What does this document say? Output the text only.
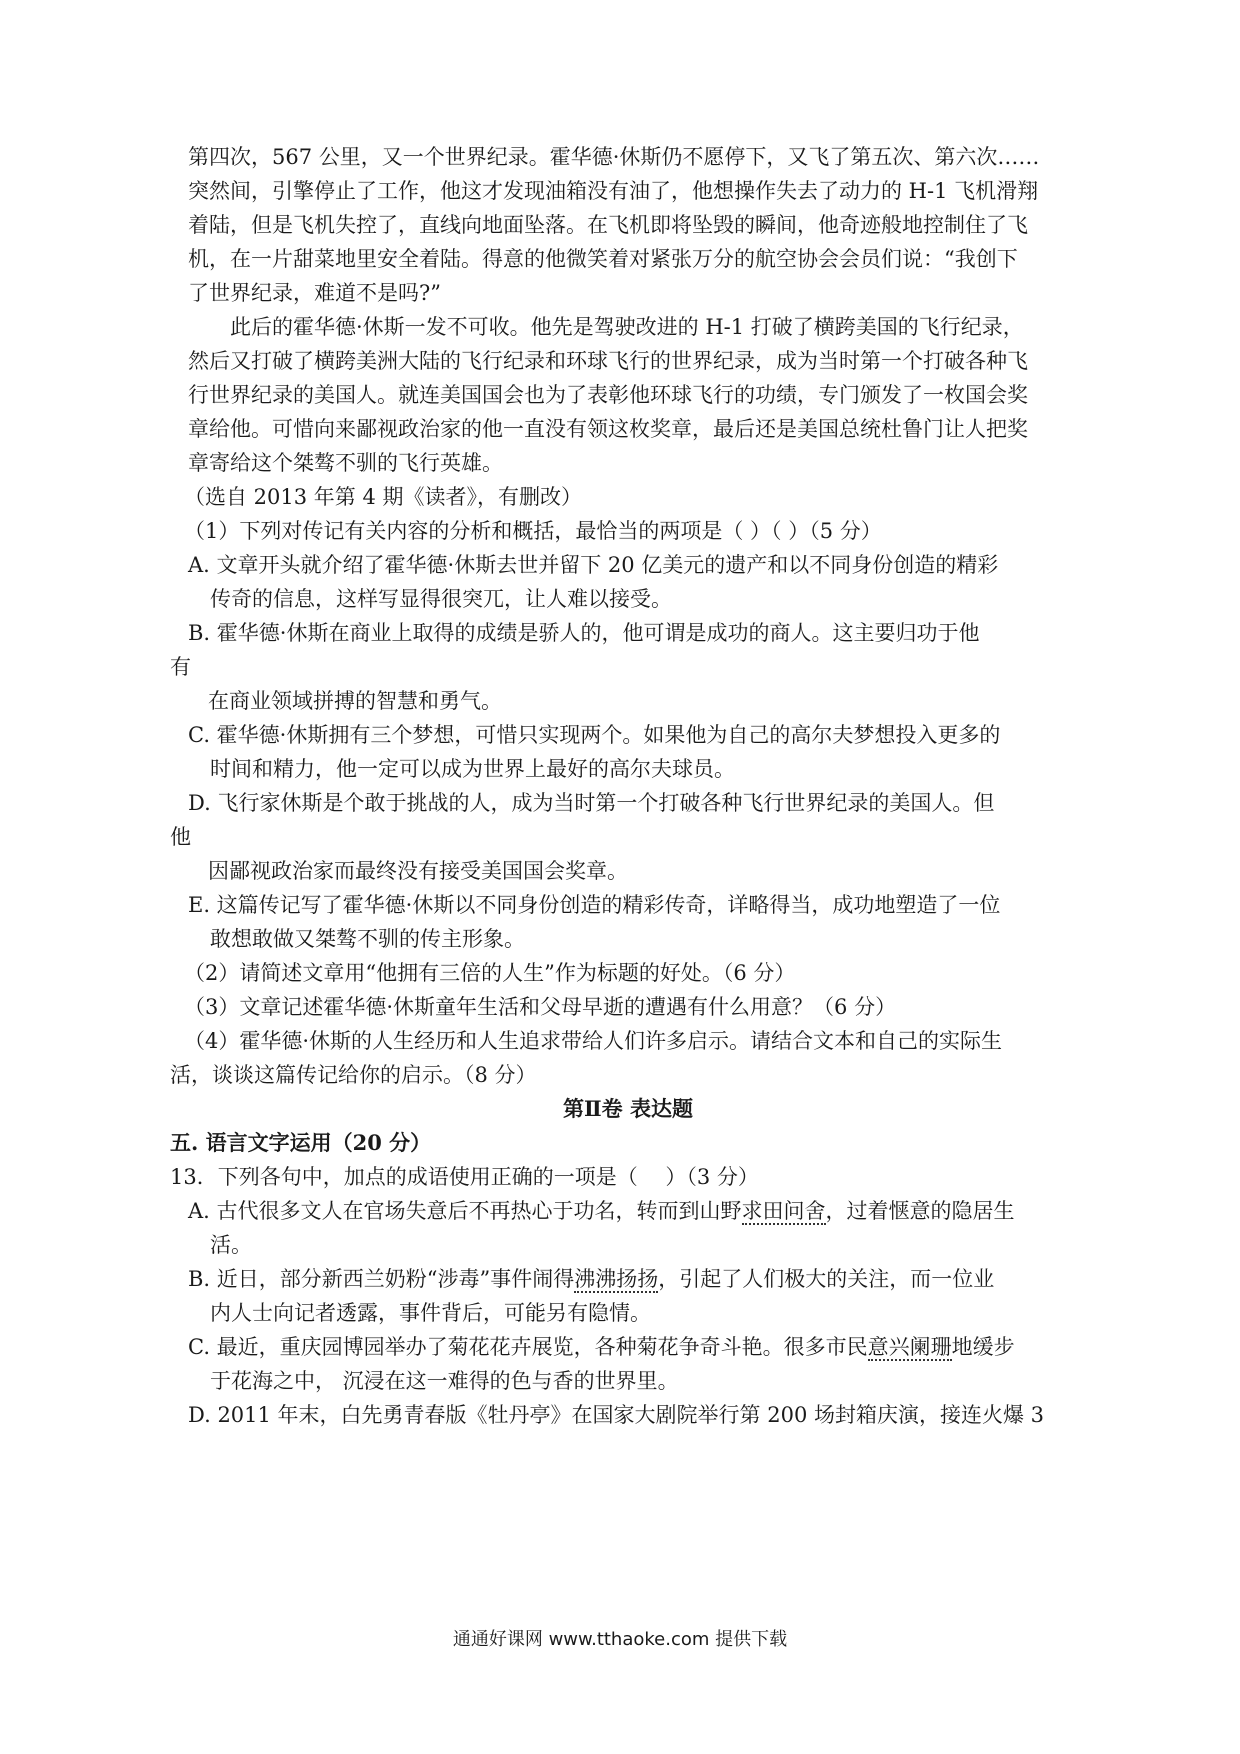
第四次，567 公里，又一个世界纪录。霍华德·休斯仍不愿停下，又飞了第五次、第六次……
突然间，引擎停止了工作，他这才发现油箱没有油了，他想操作失去了动力的 H-1 飞机滑翔
着陆，但是飞机失控了，直线向地面坠落。在飞机即将坠毁的瞬间，他奇迹般地控制住了飞
机，在一片甜菜地里安全着陆。得意的他微笑着对紧张万分的航空协会会员们说：“我创下
了世界纪录，难道不是吗?”
　　此后的霍华德·休斯一发不可收。他先是驾驶改进的 H-1 打破了横跨美国的飞行纪录，
然后又打破了横跨美洲大陆的飞行纪录和环球飞行的世界纪录，成为当时第一个打破各种飞
行世界纪录的美国人。就连美国国会也为了表彰他环球飞行的功绩，专门颁发了一枚国会奖
章给他。可惜向来鄙视政治家的他一直没有领这枚奖章，最后还是美国总统杜鲁门让人把奖
章寄给这个桀骜不驯的飞行英雄。
（选自 2013 年第 4 期《读者》，有删改）
（1）下列对传记有关内容的分析和概括，最恰当的两项是（ ）（ ）（5 分）
A. 文章开头就介绍了霍华德·休斯去世并留下 20 亿美元的遗产和以不同身份创造的精彩
传奇的信息，这样写显得很突兀，让人难以接受。
B. 霍华德·休斯在商业上取得的成绩是骄人的，他可谓是成功的商人。这主要归功于他
有
在商业领域拼搏的智慧和勇气。
C. 霍华德·休斯拥有三个梦想，可惜只实现两个。如果他为自己的高尔夫梦想投入更多的
时间和精力，他一定可以成为世界上最好的高尔夫球员。
D. 飞行家休斯是个敢于挑战的人，成为当时第一个打破各种飞行世界纪录的美国人。但
他
因鄙视政治家而最终没有接受美国国会奖章。
E. 这篇传记写了霍华德·休斯以不同身份创造的精彩传奇，详略得当，成功地塑造了一位
敢想敢做又桀骜不驯的传主形象。
（2）请简述文章用“他拥有三倍的人生”作为标题的好处。（6 分）
（3）文章记述霍华德·休斯童年生活和父母早逝的遭遇有什么用意？（6 分）
（4）霍华德·休斯的人生经历和人生追求带给人们许多启示。请结合文本和自己的实际生
活，谈谈这篇传记给你的启示。（8 分）
第Ⅱ卷 表达题
五. 语言文字运用（20 分）
13．下列各句中，加点的成语使用正确的一项是（　 ）（3 分）
A. 古代很多文人在官场失意后不再热心于功名，转而到山野求田问舍，过着惬意的隐居生
活。
B. 近日，部分新西兰奶粉“涉毒”事件闹得沸沸扬扬，引起了人们极大的关注，而一位业
内人士向记者透露，事件背后，可能另有隐情。
C. 最近，重庆园博园举办了菊花花卉展览，各种菊花争奇斗艳。很多市民意兴阑珊地缓步
于花海之中， 沉浸在这一难得的色与香的世界里。
D. 2011 年末，白先勇青春版《牡丹亭》在国家大剧院举行第 200 场封箱庆演，接连火爆 3
通通好课网 www.tthaoke.com 提供下载
